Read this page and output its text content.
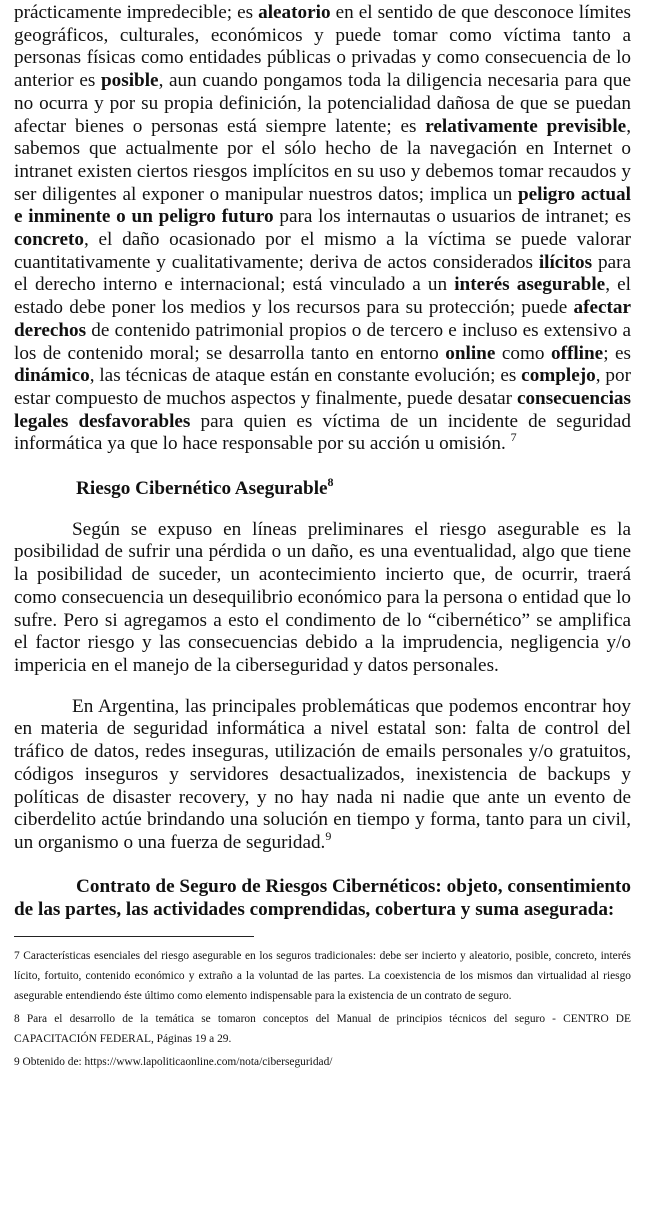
prácticamente impredecible; es aleatorio en el sentido de que desconoce límites geográficos, culturales, económicos y puede tomar como víctima tanto a personas físicas como entidades públicas o privadas y como consecuencia de lo anterior es posible, aun cuando pongamos toda la diligencia necesaria para que no ocurra y por su propia definición, la potencialidad dañosa de que se puedan afectar bienes o personas está siempre latente; es relativamente previsible, sabemos que actualmente por el sólo hecho de la navegación en Internet o intranet existen ciertos riesgos implícitos en su uso y debemos tomar recaudos y ser diligentes al exponer o manipular nuestros datos; implica un peligro actual e inminente o un peligro futuro para los internautas o usuarios de intranet; es concreto, el daño ocasionado por el mismo a la víctima se puede valorar cuantitativamente y cualitativamente; deriva de actos considerados ilícitos para el derecho interno e internacional; está vinculado a un interés asegurable, el estado debe poner los medios y los recursos para su protección; puede afectar derechos de contenido patrimonial propios o de tercero e incluso es extensivo a los de contenido moral; se desarrolla tanto en entorno online como offline; es dinámico, las técnicas de ataque están en constante evolución; es complejo, por estar compuesto de muchos aspectos y finalmente, puede desatar consecuencias legales desfavorables para quien es víctima de un incidente de seguridad informática ya que lo hace responsable por su acción u omisión. $^7$

Riesgo Cibernético Asegurable$^8$

Según se expuso en líneas preliminares el riesgo asegurable es la posibilidad de sufrir una pérdida o un daño, es una eventualidad, algo que tiene la posibilidad de suceder, un acontecimiento incierto que, de ocurrir, traerá como consecuencia un desequilibrio económico para la persona o entidad que lo sufre. Pero si agregamos a esto el condimento de lo “cibernético” se amplifica el factor riesgo y las consecuencias debido a la imprudencia, negligencia y/o impericia en el manejo de la ciberseguridad y datos personales.

En Argentina, las principales problemáticas que podemos encontrar hoy en materia de seguridad informática a nivel estatal son: falta de control del tráfico de datos, redes inseguras, utilización de emails personales y/o gratuitos, códigos inseguros y servidores desactualizados, inexistencia de backups y políticas de disaster recovery, y no hay nada ni nadie que ante un evento de ciberdelito actúe brindando una solución en tiempo y forma, tanto para un civil, un organismo o una fuerza de seguridad.$^9$

Contrato de Seguro de Riesgos Cibernéticos: objeto, consentimiento de las partes, las actividades comprendidas, cobertura y suma asegurada:

7 Características esenciales del riesgo asegurable en los seguros tradicionales: debe ser incierto y aleatorio, posible, concreto, interés lícito, fortuito, contenido económico y extraño a la voluntad de las partes. La coexistencia de los mismos dan virtualidad al riesgo asegurable entendiendo éste último como elemento indispensable para la existencia de un contrato de seguro.

8 Para el desarrollo de la temática se tomaron conceptos del Manual de principios técnicos del seguro - CENTRO DE CAPACITACIÓN FEDERAL, Páginas 19 a 29.

9 Obtenido de: https://www.lapoliticaonline.com/nota/ciberseguridad/
